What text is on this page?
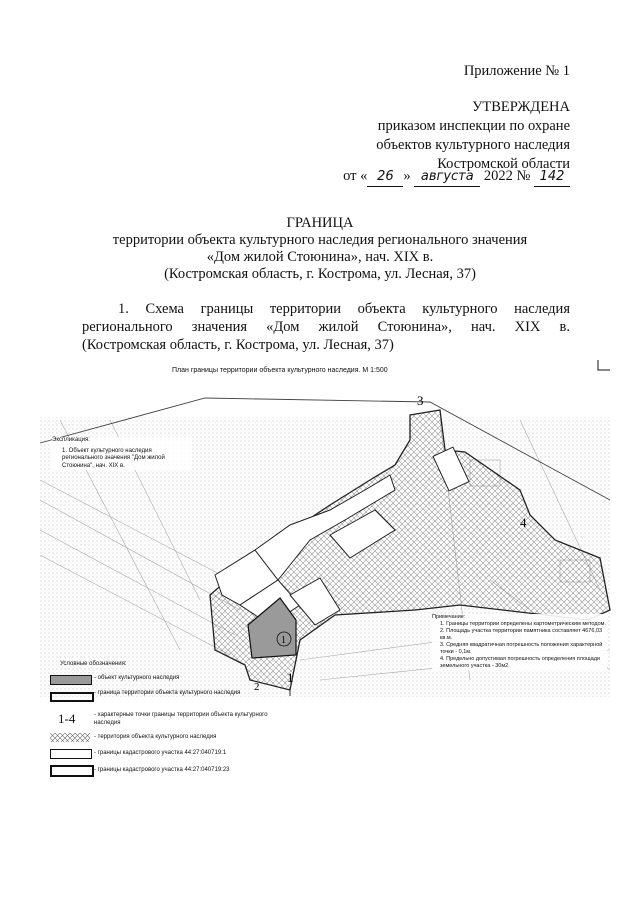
Приложение № 1
УТВЕРЖДЕНА
приказом инспекции по охране
объектов культурного наследия
Костромской области
от « 26 » августа 2022 № 142
ГРАНИЦА
территории объекта культурного наследия регионального значения
«Дом жилой Стоюнина», нач. XIX в.
(Костромская область, г. Кострома, ул. Лесная, 37)
1. Схема границы территории объекта культурного наследия
регионального значения «Дом жилой Стоюнина», нач. XIX в.
(Костромская область, г. Кострома, ул. Лесная, 37)
План границы территории объекта культурного наследия. М 1:500
1
1
2
3
4
Экспликация:
1. Объект культурного наследия регионального значения "Дом жилой Стоюнина", нач. XIX в.
Примечание:
1. Границы территории определены картометрическим методом.
2. Площадь участка территории памятника составляет 4676,03 кв.м.
3. Средняя квадратичная погрешность положения характерной точки - 0,1м.
4. Предельно допустимая погрешность определения площади земельного участка - 30м2.
Условные обозначения:
- объект культурного наследия
- граница территории объекта культурного наследия
1-4	- характерные точки границы территории объекта культурного наследия
- территория объекта культурного наследия
- границы кадастрового участка 44:27:040719:1
- границы кадастрового участка 44:27:040719:23
